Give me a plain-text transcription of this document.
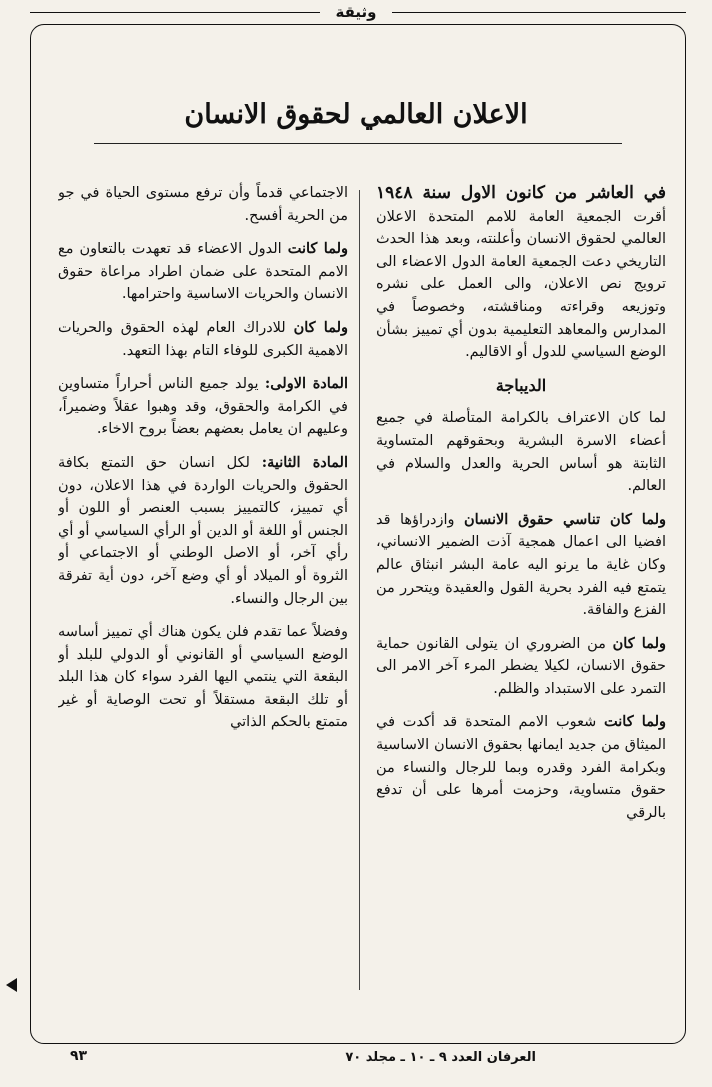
وثيقة
الاعلان العالمي لحقوق الانسان

في العاشر من كانون الاول سنة ١٩٤٨ أقرت الجمعية العامة للامم المتحدة الاعلان العالمي لحقوق الانسان وأعلنته، وبعد هذا الحدث التاريخي دعت الجمعية العامة الدول الاعضاء الى ترويج نص الاعلان، والى العمل على نشره وتوزيعه وقراءته ومناقشته، وخصوصاً في المدارس والمعاهد التعليمية بدون أي تمييز بشأن الوضع السياسي للدول أو الاقاليم.

الديباجة

لما كان الاعتراف بالكرامة المتأصلة في جميع أعضاء الاسرة البشرية وبحقوقهم المتساوية الثابتة هو أساس الحرية والعدل والسلام في العالم.

ولما كان تناسي حقوق الانسان وازدراؤها قد افضيا الى اعمال همجية آذت الضمير الانساني، وكان غاية ما يرنو اليه عامة البشر انبثاق عالم يتمتع فيه الفرد بحرية القول والعقيدة ويتحرر من الفزع والفاقة.

ولما كان من الضروري ان يتولى القانون حماية حقوق الانسان، لكيلا يضطر المرء آخر الامر الى التمرد على الاستبداد والظلم.

ولما كانت شعوب الامم المتحدة قد أكدت في الميثاق من جديد ايمانها بحقوق الانسان الاساسية وبكرامة الفرد وقدره وبما للرجال والنساء من حقوق متساوية، وحزمت أمرها على أن تدفع بالرقي

الاجتماعي قدماً وأن ترفع مستوى الحياة في جو من الحرية أفسح.

ولما كانت الدول الاعضاء قد تعهدت بالتعاون مع الامم المتحدة على ضمان اطراد مراعاة حقوق الانسان والحريات الاساسية واحترامها.

ولما كان للادراك العام لهذه الحقوق والحريات الاهمية الكبرى للوفاء التام بهذا التعهد.

المادة الاولى: يولد جميع الناس أحراراً متساوين في الكرامة والحقوق، وقد وهبوا عقلاً وضميراً، وعليهم ان يعامل بعضهم بعضاً بروح الاخاء.

المادة الثانية: لكل انسان حق التمتع بكافة الحقوق والحريات الواردة في هذا الاعلان، دون أي تمييز، كالتمييز بسبب العنصر أو اللون أو الجنس أو اللغة أو الدين أو الرأي السياسي أو أي رأي آخر، أو الاصل الوطني أو الاجتماعي أو الثروة أو الميلاد أو أي وضع آخر، دون أية تفرقة بين الرجال والنساء.

وفضلاً عما تقدم فلن يكون هناك أي تمييز أساسه الوضع السياسي أو القانوني أو الدولي للبلد أو البقعة التي ينتمي اليها الفرد سواء كان هذا البلد أو تلك البقعة مستقلاً أو تحت الوصاية أو غير متمتع بالحكم الذاتي

العرفان العدد ٩ ـ ١٠ ـ مجلد ٧٠
٩٣
